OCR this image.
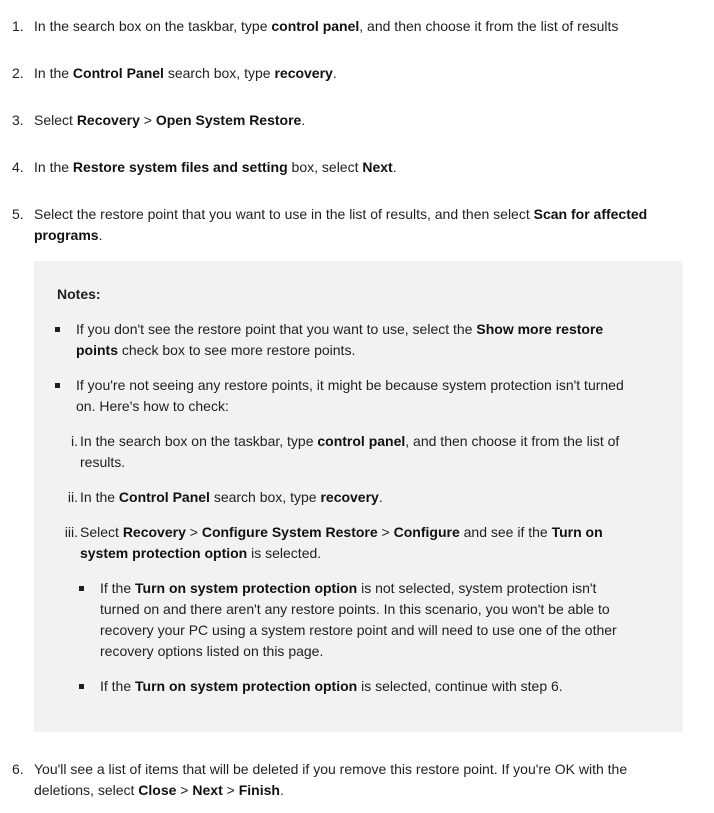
1. In the search box on the taskbar, type control panel, and then choose it from the list of results
2. In the Control Panel search box, type recovery.
3. Select Recovery > Open System Restore.
4. In the Restore system files and setting box, select Next.
5. Select the restore point that you want to use in the list of results, and then select Scan for affected programs.
Notes:
If you don't see the restore point that you want to use, select the Show more restore points check box to see more restore points.
If you're not seeing any restore points, it might be because system protection isn't turned on. Here's how to check:
i. In the search box on the taskbar, type control panel, and then choose it from the list of results.
ii. In the Control Panel search box, type recovery.
iii. Select Recovery > Configure System Restore > Configure and see if the Turn on system protection option is selected.
If the Turn on system protection option is not selected, system protection isn't turned on and there aren't any restore points. In this scenario, you won't be able to recovery your PC using a system restore point and will need to use one of the other recovery options listed on this page.
If the Turn on system protection option is selected, continue with step 6.
6. You'll see a list of items that will be deleted if you remove this restore point. If you're OK with the deletions, select Close > Next > Finish.
